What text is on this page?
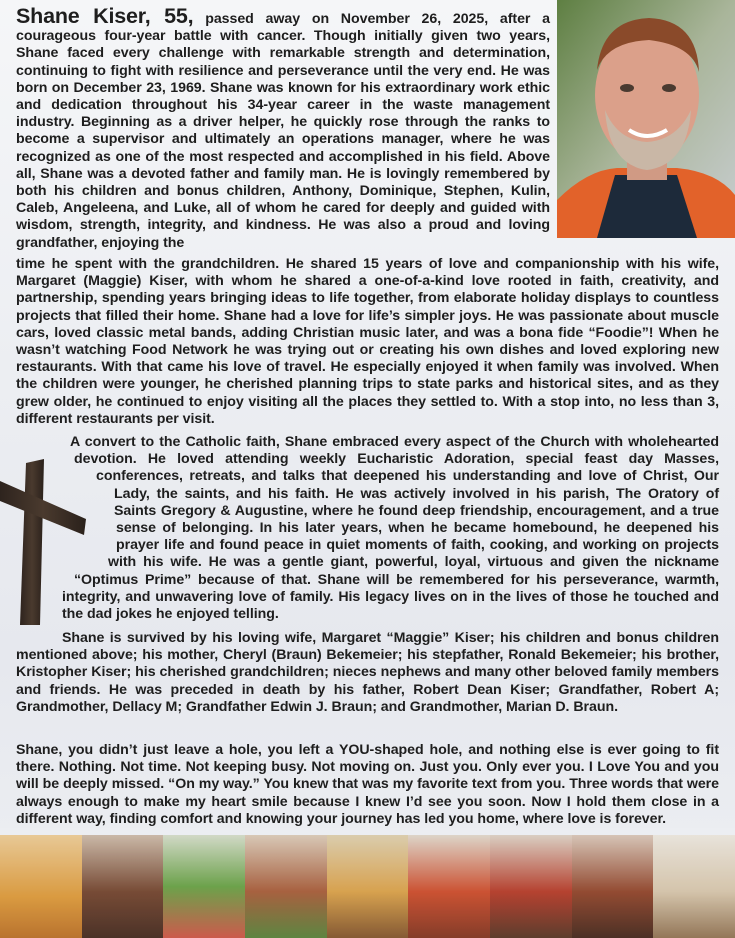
Shane Kiser, 55, passed away on November 26, 2025, after a courageous four-year battle with cancer. Though initially given two years, Shane faced every challenge with remarkable strength and determination, continuing to fight with resilience and perseverance until the very end. He was born on December 23, 1969. Shane was known for his extraordinary work ethic and dedication throughout his 34-year career in the waste management industry. Beginning as a driver helper, he quickly rose through the ranks to become a supervisor and ultimately an operations manager, where he was recognized as one of the most respected and accomplished in his field. Above all, Shane was a devoted father and family man. He is lovingly remembered by both his children and bonus children, Anthony, Dominique, Stephen, Kulin, Caleb, Angeleena, and Luke, all of whom he cared for deeply and guided with wisdom, strength, integrity, and kindness. He was also a proud and loving grandfather, enjoying the
time he spent with the grandchildren. He shared 15 years of love and companionship with his wife, Margaret (Maggie) Kiser, with whom he shared a one-of-a-kind love rooted in faith, creativity, and partnership, spending years bringing ideas to life together, from elaborate holiday displays to countless projects that filled their home. Shane had a love for life’s simpler joys. He was passionate about muscle cars, loved classic metal bands, adding Christian music later, and was a bona fide “Foodie”! When he wasn’t watching Food Network he was trying out or creating his own dishes and loved exploring new restaurants. With that came his love of travel. He especially enjoyed it when family was involved. When the children were younger, he cherished planning trips to state parks and historical sites, and as they grew older, he continued to enjoy visiting all the places they settled to. With a stop into, no less than 3, different restaurants per visit.
A convert to the Catholic faith, Shane embraced every aspect of the Church with wholehearted devotion. He loved attending weekly Eucharistic Adoration, special feast day Masses, conferences, retreats, and talks that deepened his understanding and love of Christ, Our Lady, the saints, and his faith. He was actively involved in his parish, The Oratory of Saints Gregory & Augustine, where he found deep friendship, encouragement, and a true sense of belonging. In his later years, when he became homebound, he deepened his prayer life and found peace in quiet moments of faith, cooking, and working on projects with his wife. He was a gentle giant, powerful, loyal, virtuous and given the nickname “Optimus Prime” because of that. Shane will be remembered for his perseverance, warmth, integrity, and unwavering love of family. His legacy lives on in the lives of those he touched and the dad jokes he enjoyed telling.
Shane is survived by his loving wife, Margaret “Maggie” Kiser; his children and bonus children mentioned above; his mother, Cheryl (Braun) Bekemeier; his stepfather, Ronald Bekemeier; his brother, Kristopher Kiser; his cherished grandchildren; nieces nephews and many other beloved family members and friends. He was preceded in death by his father, Robert Dean Kiser; Grandfather, Robert A; Grandmother, Dellacy M; Grandfather Edwin J. Braun; and Grandmother, Marian D. Braun.
Shane, you didn’t just leave a hole, you left a YOU-shaped hole, and nothing else is ever going to fit there. Nothing. Not time. Not keeping busy. Not moving on. Just you. Only ever you. I Love You and you will be deeply missed. “On my way.” You knew that was my favorite text from you. Three words that were always enough to make my heart smile because I knew I’d see you soon. Now I hold them close in a different way, finding comfort and knowing your journey has led you home, where love is forever.
